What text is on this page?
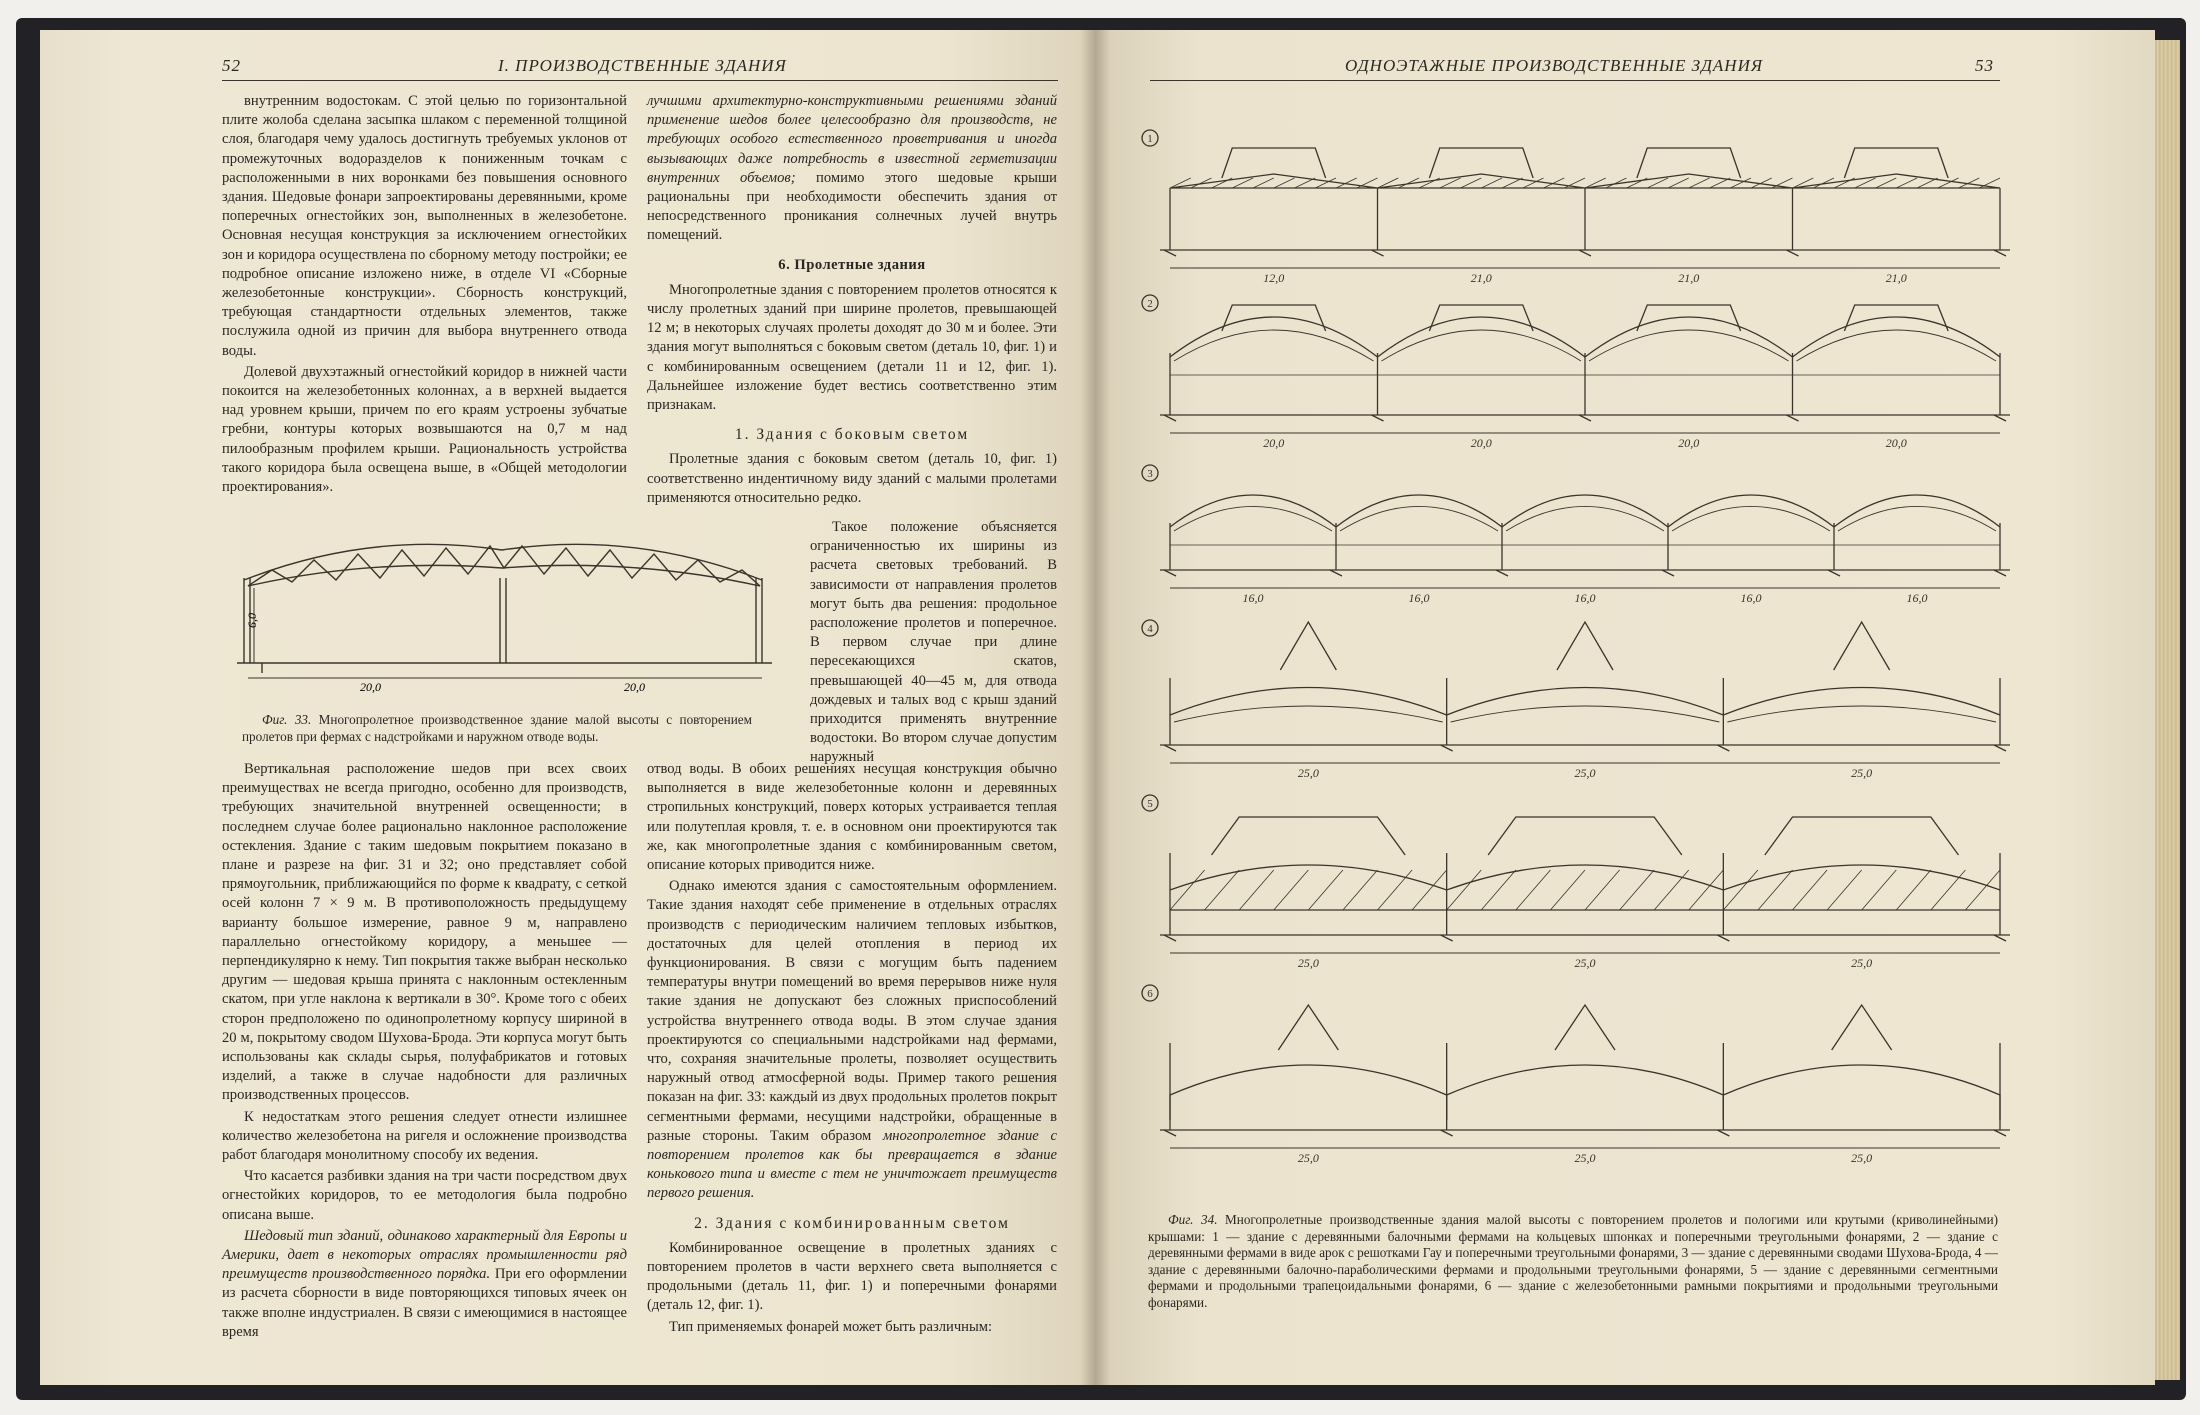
52	I. ПРОИЗВОДСТВЕННЫЕ ЗДАНИЯ

внутренним водостокам. С этой целью по горизонтальной плите жолоба сделана засыпка шлаком с переменной толщиной слоя, благодаря чему удалось достигнуть требуемых уклонов от промежуточных водоразделов к пониженным точкам с расположенными в них воронками без повышения основного здания. Шедовые фонари запроектированы деревянными, кроме поперечных огнестойких зон, выполненных в железобетоне. Основная несущая конструкция за исключением огнестойких зон и коридора осуществлена по сборному методу постройки; ее подробное описание изложено ниже, в отделе VI «Сборные железобетонные конструкции». Сборность конструкций, требующая стандартности отдельных элементов, также послужила одной из причин для выбора внутреннего отвода воды.

Долевой двухэтажный огнестойкий коридор в нижней части покоится на железобетонных колоннах, а в верхней выдается над уровнем крыши, причем по его краям устроены зубчатые гребни, контуры которых возвышаются на 0,7 м над пилообразным профилем крыши. Рациональность устройства такого коридора была освещена выше, в «Общей методологии проектирования».

лучшими архитектурно-конструктивными решениями зданий применение шедов более целесообразно для производств, не требующих особого естественного проветривания и иногда вызывающих даже потребность в известной герметизации внутренних объемов; помимо этого шедовые крыши рациональны при необходимости обеспечить здания от непосредственного проникания солнечных лучей внутрь помещений.

6. Пролетные здания

Многопролетные здания с повторением пролетов относятся к числу пролетных зданий при ширине пролетов, превышающей 12 м; в некоторых случаях пролеты доходят до 30 м и более. Эти здания могут выполняться с боковым светом (деталь 10, фиг. 1) и с комбинированным освещением (детали 11 и 12, фиг. 1). Дальнейшее изложение будет вестись соответственно этим признакам.

1. Здания с боковым светом

Пролетные здания с боковым светом (деталь 10, фиг. 1) соответственно индентичному виду зданий с малыми пролетами применяются относительно редко.

Такое положение объясняется ограниченностью их ширины из расчета световых требований. В зависимости от направления пролетов могут быть два решения: продольное расположение пролетов и поперечное. В первом случае при длине пересекающихся скатов, превышающей 40—45 м, для отвода дождевых и талых вод с крыш зданий приходится применять внутренние водостоки. Во втором случае допустим наружный

6,0
20,0	20,0

Фиг. 33. Многопролетное производственное здание малой высоты с повторением пролетов при фермах с надстройками и наружном отводе воды.

Вертикальная расположение шедов при всех своих преимуществах не всегда пригодно, особенно для производств, требующих значительной внутренней освещенности; в последнем случае более рационально наклонное расположение остекления. Здание с таким шедовым покрытием показано в плане и разрезе на фиг. 31 и 32; оно представляет собой прямоугольник, приближающийся по форме к квадрату, с сеткой осей колонн 7 × 9 м. В противоположность предыдущему варианту большое измерение, равное 9 м, направлено параллельно огнестойкому коридору, а меньшее — перпендикулярно к нему. Тип покрытия также выбран несколько другим — шедовая крыша принята с наклонным остекленным скатом, при угле наклона к вертикали в 30°. Кроме того с обеих сторон предположено по одинопролетному корпусу шириной в 20 м, покрытому сводом Шухова-Брода. Эти корпуса могут быть использованы как склады сырья, полуфабрикатов и готовых изделий, а также в случае надобности для различных производственных процессов.

К недостаткам этого решения следует отнести излишнее количество железобетона на ригеля и осложнение производства работ благодаря монолитному способу их ведения.

Что касается разбивки здания на три части посредством двух огнестойких коридоров, то ее методология была подробно описана выше.

Шедовый тип зданий, одинаково характерный для Европы и Америки, дает в некоторых отраслях промышленности ряд преимуществ производственного порядка. При его оформлении из расчета сборности в виде повторяющихся типовых ячеек он также вполне индустриален. В связи с имеющимися в настоящее время

отвод воды. В обоих решениях несущая конструкция обычно выполняется в виде железобетонные колонн и деревянных стропильных конструкций, поверх которых устраивается теплая или полутеплая кровля, т. е. в основном они проектируются так же, как многопролетные здания с комбинированным светом, описание которых приводится ниже.

Однако имеются здания с самостоятельным оформлением. Такие здания находят себе применение в отдельных отраслях производств с периодическим наличием тепловых избытков, достаточных для целей отопления в период их функционирования. В связи с могущим быть падением температуры внутри помещений во время перерывов ниже нуля такие здания не допускают без сложных приспособлений устройства внутреннего отвода воды. В этом случае здания проектируются со специальными надстройками над фермами, что, сохраняя значительные пролеты, позволяет осуществить наружный отвод атмосферной воды. Пример такого решения показан на фиг. 33: каждый из двух продольных пролетов покрыт сегментными фермами, несущими надстройки, обращенные в разные стороны. Таким образом многопролетное здание с повторением пролетов как бы превращается в здание конькового типа и вместе с тем не уничтожает преимуществ первого решения.

2. Здания с комбинированным светом

Комбинированное освещение в пролетных зданиях с повторением пролетов в части верхнего света выполняется с продольными (деталь 11, фиг. 1) и поперечными фонарями (деталь 12, фиг. 1).

Тип применяемых фонарей может быть различным:

ОДНОЭТАЖНЫЕ ПРОИЗВОДСТВЕННЫЕ ЗДАНИЯ	53
1
12,0	21,0	21,0	21,0
2
20,0	20,0	20,0	20,0
3
16,0	16,0	16,0	16,0	16,0
4
25,0	25,0	25,0
5
25,0	25,0	25,0
6
25,0	25,0	25,0

Фиг. 34. Многопролетные производственные здания малой высоты с повторением пролетов и пологими или крутыми (криволинейными) крышами: 1 — здание с деревянными балочными фермами на кольцевых шпонках и поперечными треугольными фонарями, 2 — здание с деревянными фермами в виде арок с решотками Гау и поперечными треугольными фонарями, 3 — здание с деревянными сводами Шухова-Брода, 4 — здание с деревянными балочно-параболическими фермами и продольными треугольными фонарями, 5 — здание с деревянными сегментными фермами и продольными трапецоидальными фонарями, 6 — здание с железобетонными рамными покрытиями и продольными треугольными фонарями.
